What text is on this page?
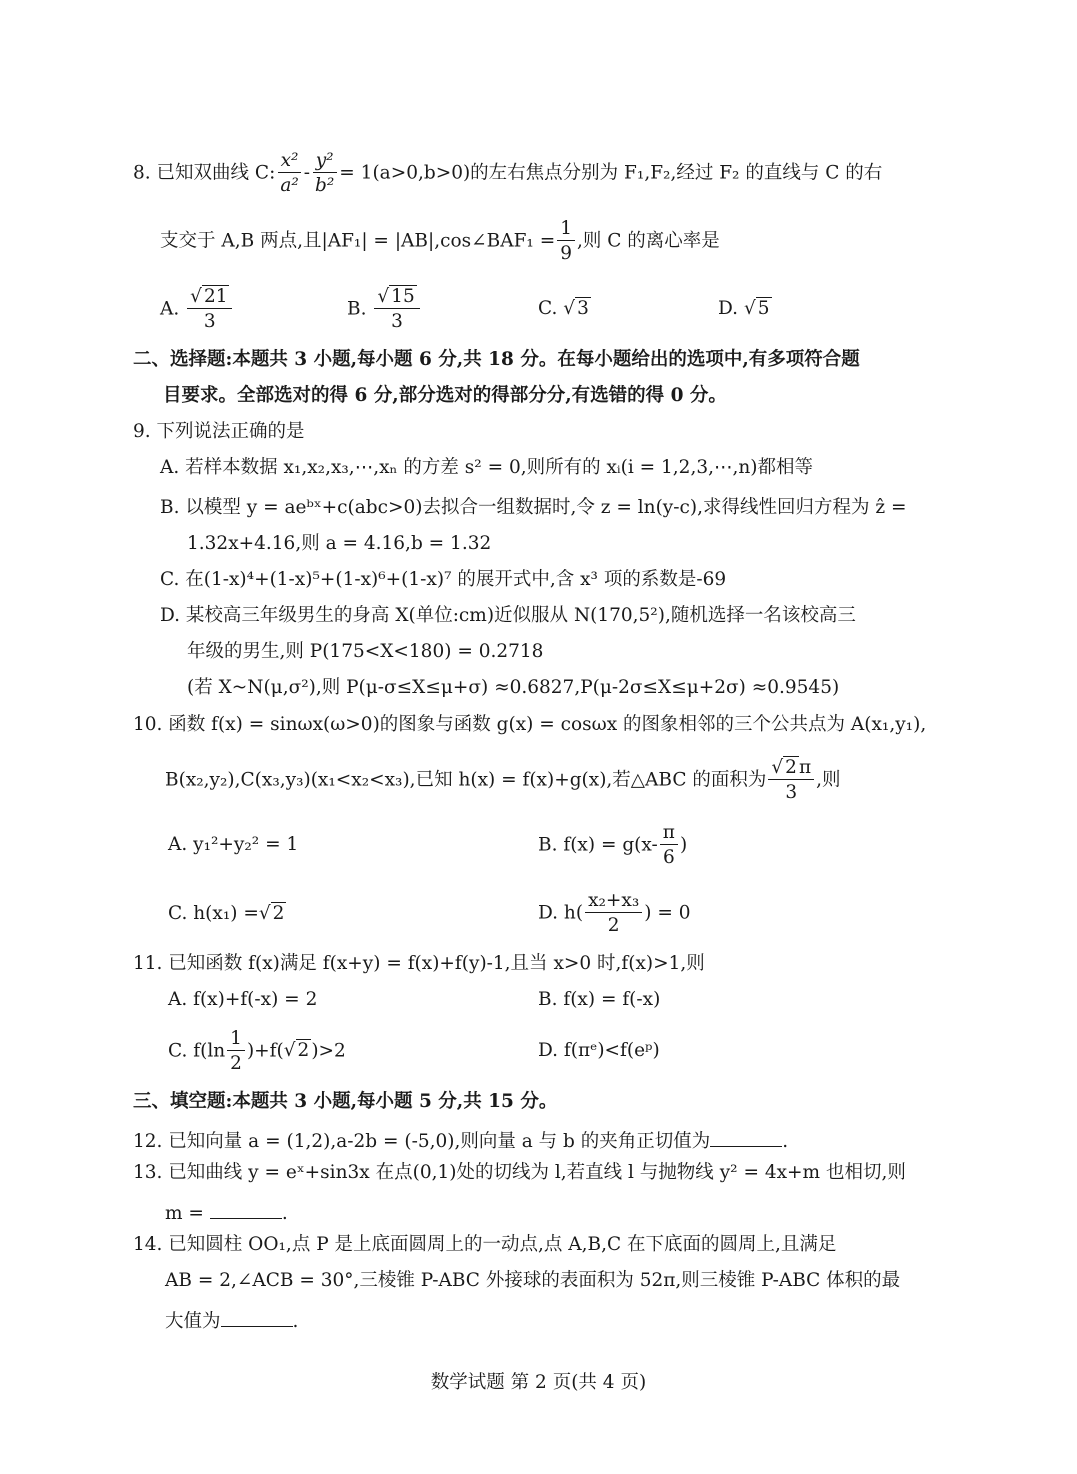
8. 已知双曲线 C: $\frac{\text{x²}}{\text{a²}} - \frac{\text{y²}}{\text{b²}} = 1(a>0,b>0)$的左右焦点分别为 F₁,F₂,经过 F₂ 的直线与 C 的右
支交于 A,B 两点,且|AF₁| = |AB|,cos∠BAF₁ = $\frac{1}{9}$ ,则 C 的离心率是
A. $\frac{√ 21}{3}$	B. $\frac{√ 15}{3}$	C. √ 3	D. √ 5
二、选择题:本题共 3 小题,每小题 6 分,共 18 分。在每小题给出的选项中,有多项符合题
目要求。全部选对的得 6 分,部分选对的得部分分,有选错的得 0 分。
9. 下列说法正确的是
A. 若样本数据 x₁,x₂,x₃,⋯,xₙ 的方差 s² = 0,则所有的 xᵢ(i = 1,2,3,⋯,n)都相等
B. 以模型 y = aeᵇˣ+c(abc>0)去拟合一组数据时,令 z = ln(y-c),求得线性回归方程为 ẑ =
1.32x+4.16,则 a = 4.16,b = 1.32
C. 在(1-x)⁴+(1-x)⁵+(1-x)⁶+(1-x)⁷ 的展开式中,含 x³ 项的系数是-69
D. 某校高三年级男生的身高 X(单位:cm)近似服从 N(170,5²),随机选择一名该校高三
年级的男生,则 P(175<X<180) = 0.2718
(若 X~N(μ,σ²),则 P(μ-σ≤X≤μ+σ) ≈0.6827,P(μ-2σ≤X≤μ+2σ) ≈0.9545)
10. 函数 f(x) = sinωx(ω>0)的图象与函数 g(x) = cosωx 的图象相邻的三个公共点为 A(x₁,y₁),
B(x₂,y₂),C(x₃,y₃)(x₁<x₂<x₃),已知 h(x) = f(x)+g(x),若△ABC 的面积为 $\frac{√ 2 \pi}{3}$ ,则
A. y₁²+y₂² = 1	B. $f(x) = g(x- \frac{\pi}{6}$ )
C. h(x₁) =√ 2	D. $h( \frac{\text{x₂+x₃}}{2}$ ) = 0
11. 已知函数 f(x)满足 f(x+y) = f(x)+f(y)-1,且当 x>0 时,f(x)>1,则
A. f(x)+f(-x) = 2	B. f(x) = f(-x)
C. $f(\ln \frac{1}{2} )+f(√$ 2 )>2	D. f(πᵉ)<f(eᵖ)
三、填空题:本题共 3 小题,每小题 5 分,共 15 分。
12. 已知向量 a = (1,2),a-2b = (-5,0),则向量 a 与 b 的夹角正切值为	.
13. 已知曲线 y = eˣ+sin3x 在点(0,1)处的切线为 l,若直线 l 与抛物线 y² = 4x+m 也相切,则
m =	.
14. 已知圆柱 OO₁,点 P 是上底面圆周上的一动点,点 A,B,C 在下底面的圆周上,且满足
AB = 2,∠ACB = 30°,三棱锥 P-ABC 外接球的表面积为 52π,则三棱锥 P-ABC 体积的最
大值为	.
数学试题 第 2 页(共 4 页)
